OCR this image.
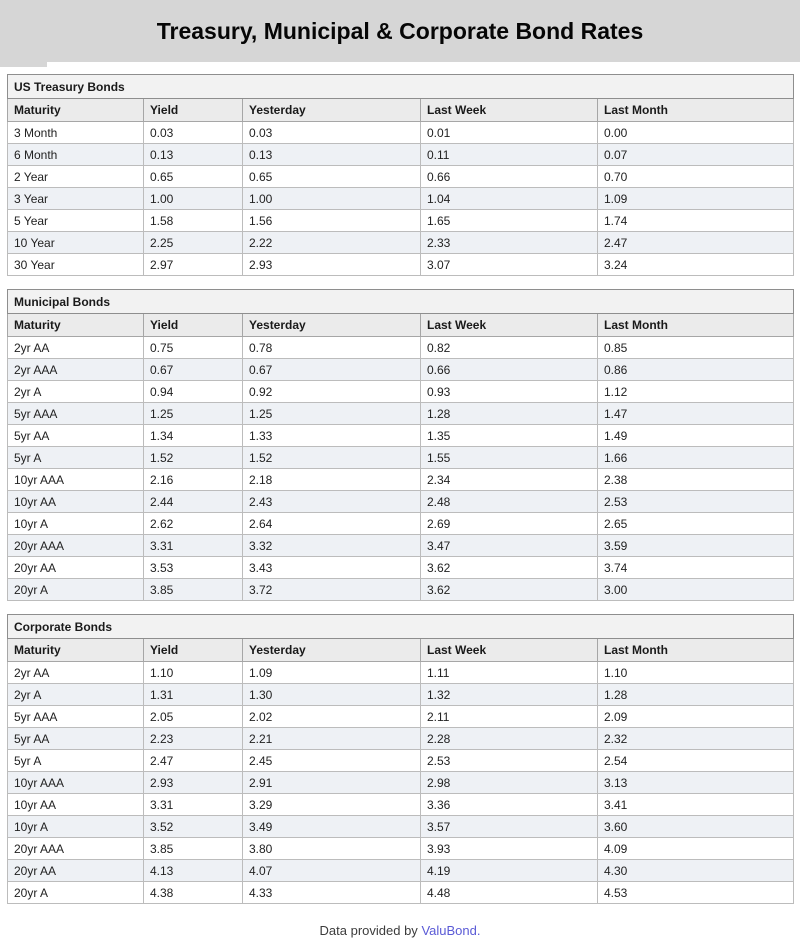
Treasury, Municipal & Corporate Bond Rates
US Treasury Bonds				
Maturity	Yield	Yesterday	Last Week	Last Month
3 Month	0.03	0.03	0.01	0.00
6 Month	0.13	0.13	0.11	0.07
2 Year	0.65	0.65	0.66	0.70
3 Year	1.00	1.00	1.04	1.09
5 Year	1.58	1.56	1.65	1.74
10 Year	2.25	2.22	2.33	2.47
30 Year	2.97	2.93	3.07	3.24
Municipal Bonds				
Maturity	Yield	Yesterday	Last Week	Last Month
2yr AA	0.75	0.78	0.82	0.85
2yr AAA	0.67	0.67	0.66	0.86
2yr A	0.94	0.92	0.93	1.12
5yr AAA	1.25	1.25	1.28	1.47
5yr AA	1.34	1.33	1.35	1.49
5yr A	1.52	1.52	1.55	1.66
10yr AAA	2.16	2.18	2.34	2.38
10yr AA	2.44	2.43	2.48	2.53
10yr A	2.62	2.64	2.69	2.65
20yr AAA	3.31	3.32	3.47	3.59
20yr AA	3.53	3.43	3.62	3.74
20yr A	3.85	3.72	3.62	3.00
Corporate Bonds				
Maturity	Yield	Yesterday	Last Week	Last Month
2yr AA	1.10	1.09	1.11	1.10
2yr A	1.31	1.30	1.32	1.28
5yr AAA	2.05	2.02	2.11	2.09
5yr AA	2.23	2.21	2.28	2.32
5yr A	2.47	2.45	2.53	2.54
10yr AAA	2.93	2.91	2.98	3.13
10yr AA	3.31	3.29	3.36	3.41
10yr A	3.52	3.49	3.57	3.60
20yr AAA	3.85	3.80	3.93	4.09
20yr AA	4.13	4.07	4.19	4.30
20yr A	4.38	4.33	4.48	4.53
Data provided by
ValuBond.
